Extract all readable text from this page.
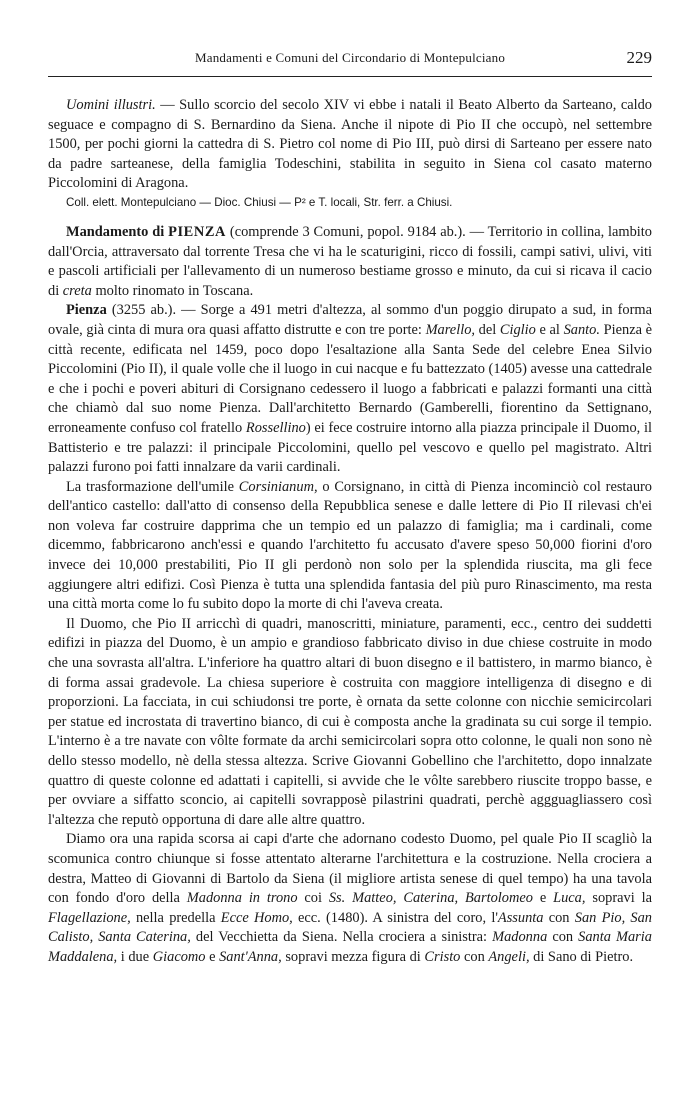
Mandamenti e Comuni del Circondario di Montepulciano	229

Uomini illustri. — Sullo scorcio del secolo XIV vi ebbe i natali il Beato Alberto da Sarteano, caldo seguace e compagno di S. Bernardino da Siena. Anche il nipote di Pio II che occupò, nel settembre 1500, per pochi giorni la cattedra di S. Pietro col nome di Pio III, può dirsi di Sarteano per essere nato da padre sarteanese, della famiglia Todeschini, stabilita in seguito in Siena col casato materno Piccolomini di Aragona.

Coll. elett. Montepulciano — Dioc. Chiusi — P² e T. locali, Str. ferr. a Chiusi.

Mandamento di PIENZA (comprende 3 Comuni, popol. 9184 ab.). — Territorio in collina, lambito dall'Orcia, attraversato dal torrente Tresa che vi ha le scaturigini, ricco di fossili, campi sativi, ulivi, viti e pascoli artificiali per l'allevamento di un numeroso bestiame grosso e minuto, da cui si ricava il cacio di creta molto rinomato in Toscana.

Pienza (3255 ab.). — Sorge a 491 metri d'altezza, al sommo d'un poggio dirupato a sud, in forma ovale, già cinta di mura ora quasi affatto distrutte e con tre porte: Marello, del Ciglio e al Santo. Pienza è città recente, edificata nel 1459, poco dopo l'esaltazione alla Santa Sede del celebre Enea Silvio Piccolomini (Pio II), il quale volle che il luogo in cui nacque e fu battezzato (1405) avesse una cattedrale e che i pochi e poveri abituri di Corsignano cedessero il luogo a fabbricati e palazzi formanti una città che chiamò dal suo nome Pienza. Dall'architetto Bernardo (Gamberelli, fiorentino da Settignano, erroneamente confuso col fratello Rossellino) ei fece costruire intorno alla piazza principale il Duomo, il Battisterio e tre palazzi: il principale Piccolomini, quello pel vescovo e quello pel magistrato. Altri palazzi furono poi fatti innalzare da varii cardinali.

La trasformazione dell'umile Corsinianum, o Corsignano, in città di Pienza incominciò col restauro dell'antico castello: dall'atto di consenso della Repubblica senese e dalle lettere di Pio II rilevasi ch'ei non voleva far costruire dapprima che un tempio ed un palazzo di famiglia; ma i cardinali, come dicemmo, fabbricarono anch'essi e quando l'architetto fu accusato d'avere speso 50,000 fiorini d'oro invece dei 10,000 prestabiliti, Pio II gli perdonò non solo per la splendida riuscita, ma gli fece aggiungere altri edifizi. Così Pienza è tutta una splendida fantasia del più puro Rinascimento, ma resta una città morta come lo fu subito dopo la morte di chi l'aveva creata.

Il Duomo, che Pio II arricchì di quadri, manoscritti, miniature, paramenti, ecc., centro dei suddetti edifizi in piazza del Duomo, è un ampio e grandioso fabbricato diviso in due chiese costruite in modo che una sovrasta all'altra. L'inferiore ha quattro altari di buon disegno e il battistero, in marmo bianco, è di forma assai gradevole. La chiesa superiore è costruita con maggiore intelligenza di disegno e di proporzioni. La facciata, in cui schiudonsi tre porte, è ornata da sette colonne con nicchie semicircolari per statue ed incrostata di travertino bianco, di cui è composta anche la gradinata su cui sorge il tempio. L'interno è a tre navate con vôlte formate da archi semicircolari sopra otto colonne, le quali non sono nè dello stesso modello, nè della stessa altezza. Scrive Giovanni Gobellino che l'architetto, dopo innalzate quattro di queste colonne ed adattati i capitelli, si avvide che le vôlte sarebbero riuscite troppo basse, e per ovviare a siffatto sconcio, ai capitelli sovrapposè pilastrini quadrati, perchè aggguagliassero così l'altezza che reputò opportuna di dare alle altre quattro.

Diamo ora una rapida scorsa ai capi d'arte che adornano codesto Duomo, pel quale Pio II scagliò la scomunica contro chiunque si fosse attentato alterarne l'architettura e la costruzione. Nella crociera a destra, Matteo di Giovanni di Bartolo da Siena (il migliore artista senese di quel tempo) ha una tavola con fondo d'oro della Madonna in trono coi Ss. Matteo, Caterina, Bartolomeo e Luca, sopravi la Flagellazione, nella predella Ecce Homo, ecc. (1480). A sinistra del coro, l'Assunta con San Pio, San Calisto, Santa Caterina, del Vecchietta da Siena. Nella crociera a sinistra: Madonna con Santa Maria Maddalena, i due Giacomo e Sant'Anna, sopravi mezza figura di Cristo con Angeli, di Sano di Pietro.
